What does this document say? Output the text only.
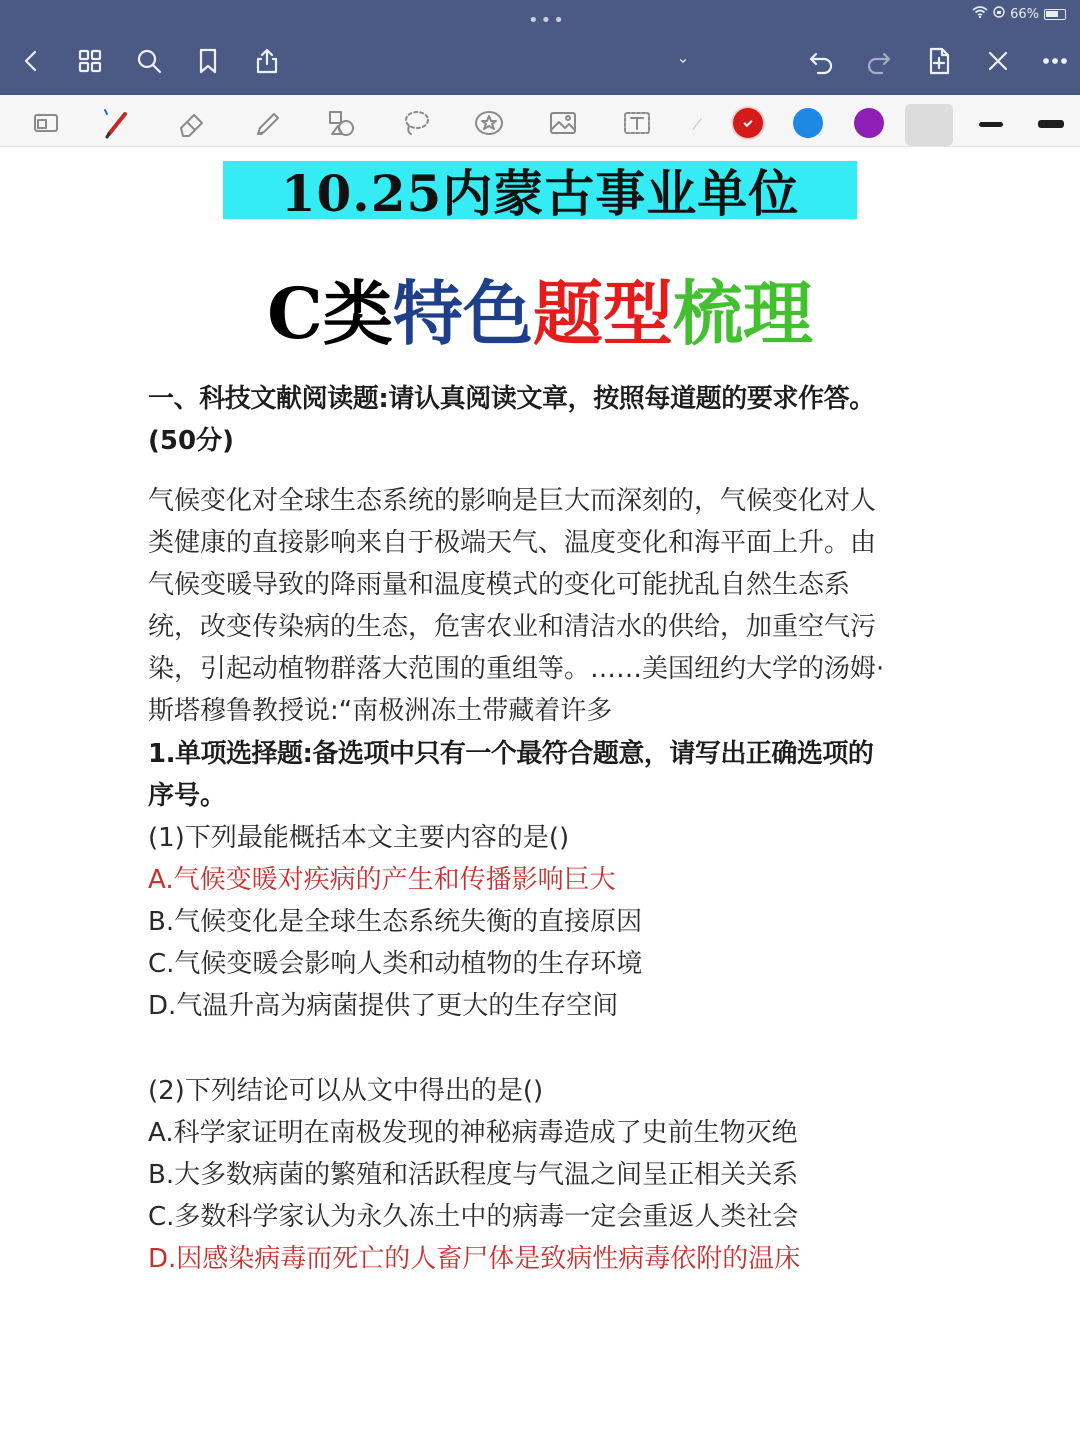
•••	66%
10.25内蒙古事业单位
C类特色题型梳理
一、科技文献阅读题:请认真阅读文章，按照每道题的要求作答。
(50分)
气候变化对全球生态系统的影响是巨大而深刻的，气候变化对人
类健康的直接影响来自于极端天气、温度变化和海平面上升。由
气候变暖导致的降雨量和温度模式的变化可能扰乱自然生态系
统，改变传染病的生态，危害农业和清洁水的供给，加重空气污
染，引起动植物群落大范围的重组等。……美国纽约大学的汤姆·
斯塔穆鲁教授说:“南极洲冻土带藏着许多
1.单项选择题:备选项中只有一个最符合题意，请写出正确选项的
序号。
(1)下列最能概括本文主要内容的是()
A.气候变暖对疾病的产生和传播影响巨大
B.气候变化是全球生态系统失衡的直接原因
C.气候变暖会影响人类和动植物的生存环境
D.气温升高为病菌提供了更大的生存空间
(2)下列结论可以从文中得出的是()
A.科学家证明在南极发现的神秘病毒造成了史前生物灭绝
B.大多数病菌的繁殖和活跃程度与气温之间呈正相关关系
C.多数科学家认为永久冻土中的病毒一定会重返人类社会
D.因感染病毒而死亡的人畜尸体是致病性病毒依附的温床
